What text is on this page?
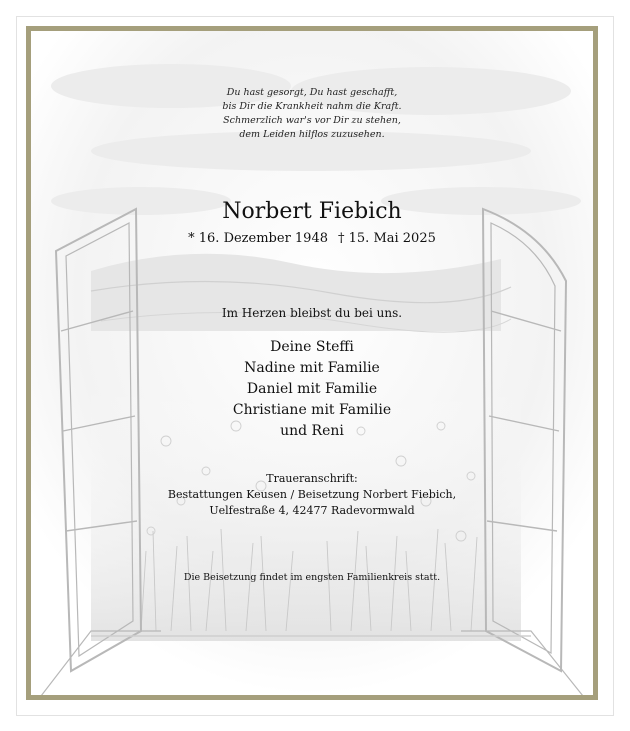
Du hast gesorgt, Du hast geschafft,
bis Dir die Krankheit nahm die Kraft.
Schmerzlich war's vor Dir zu stehen,
dem Leiden hilflos zuzusehen.
Norbert Fiebich
* 16. Dezember 1948 † 15. Mai 2025
Im Herzen bleibst du bei uns.
Deine Steffi
Nadine mit Familie
Daniel mit Familie
Christiane mit Familie
und Reni
Traueranschrift:
Bestattungen Keusen / Beisetzung Norbert Fiebich,
Uelfestraße 4, 42477 Radevormwald
Die Beisetzung findet im engsten Familienkreis statt.
